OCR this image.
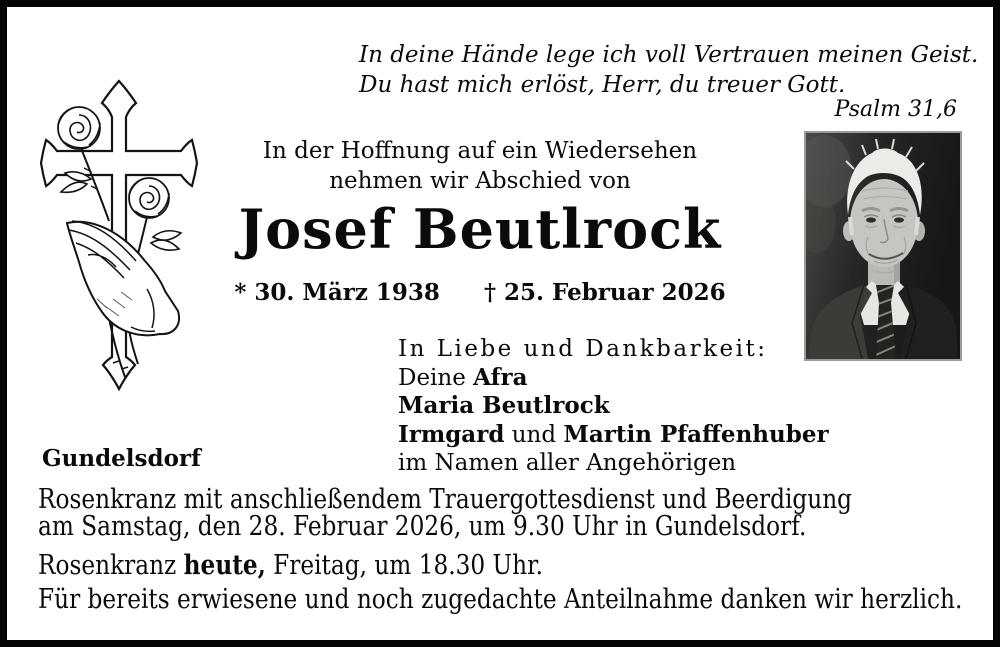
In deine Hände lege ich voll Vertrauen meinen Geist.
Du hast mich erlöst, Herr, du treuer Gott.
Psalm 31,6
In der Hoffnung auf ein Wiedersehen
nehmen wir Abschied von
Josef Beutlrock
* 30. März 1938 † 25. Februar 2026
In Liebe und Dankbarkeit:
Deine Afra
Maria Beutlrock
Irmgard und Martin Pfaffenhuber
im Namen aller Angehörigen
Gundelsdorf
Rosenkranz mit anschließendem Trauergottesdienst und Beerdigung
am Samstag, den 28. Februar 2026, um 9.30 Uhr in Gundelsdorf.
Rosenkranz heute, Freitag, um 18.30 Uhr.
Für bereits erwiesene und noch zugedachte Anteilnahme danken wir herzlich.
